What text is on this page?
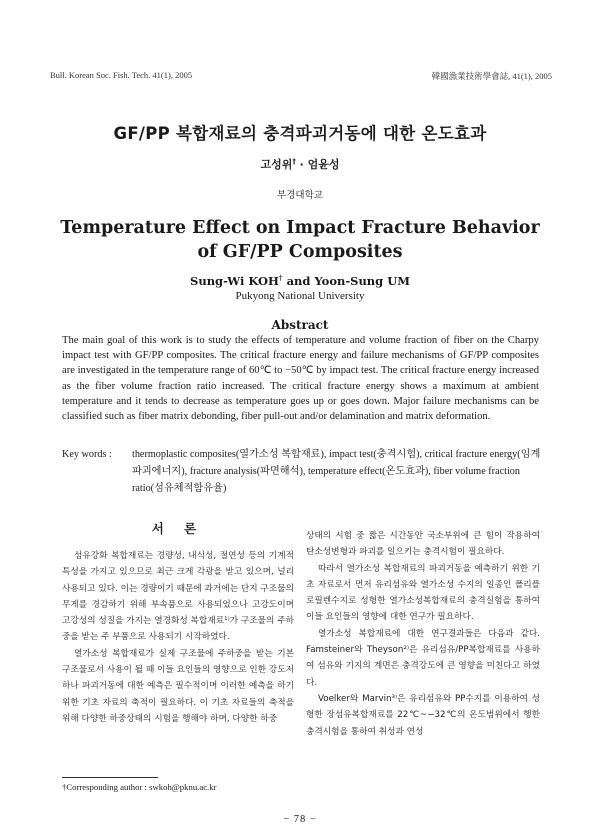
Bull. Korean Soc. Fish. Tech. 41(1), 2005	韓國漁業技術學會誌, 41(1), 2005
GF/PP 복합재료의 충격파괴거동에 대한 온도효과
고성위† · 엄윤성
부경대학교
Temperature Effect on Impact Fracture Behavior
of GF/PP Composites
Sung-Wi KOH† and Yoon-Sung UM
Pukyong National University
Abstract
The main goal of this work is to study the effects of temperature and volume fraction of fiber on the Charpy impact test with GF/PP composites. The critical fracture energy and failure mechanisms of GF/PP composites are investigated in the temperature range of 60℃ to −50℃ by impact test. The critical fracture energy increased as the fiber volume fraction ratio increased. The critical fracture energy shows a maximum at ambient temperature and it tends to decrease as temperature goes up or goes down. Major failure mechanisms can be classified such as fiber matrix debonding, fiber pull-out and/or delamination and matrix deformation.
Key words : thermoplastic composites(열가소성 복합재료), impact test(충격시험), critical fracture energy(임계파괴에너지), fracture analysis(파면해석), temperature effect(온도효과), fiber volume fraction ratio(섬유체적함유율)
서 론

섬유강화 복합재료는 경량성, 내식성, 절연성 등의 기계적 특성을 가지고 있으므로 최근 크게 각광을 받고 있으며, 널리 사용되고 있다. 이는 경량이기 때문에 과거에는 단지 구조물의 무게를 경감하기 위해 부속품으로 사용되었으나 고강도이며 고강성의 성질을 가지는 열경화성 복합재료¹⁾가 구조물의 주하중을 받는 주 부품으로 사용되기 시작하였다.

열가소성 복합재료가 실제 구조물에 주하중을 받는 기본 구조물로서 사용이 될 때 이들 요인들의 영향으로 인한 강도저하나 파괴거동에 대한 예측은 필수적이며 이러한 예측을 하기 위한 기초 자료의 축적이 필요하다. 이 기초 자료들의 축적을 위해 다양한 하중상태의 시험을 행해야 하며, 다양한 하중

상태의 시험 중 짧은 시간동안 국소부위에 큰 힘이 작용하여 탄소성변형과 파괴를 일으키는 충격시험이 필요하다.

따라서 열가소성 복합재료의 파괴거동을 예측하기 위한 기초 자료로서 먼저 유리섬유와 열가소성 수지의 일종인 폴리플로필렌수지로 성형한 열가소성복합재료의 충격실험을 통하여 이들 요인들의 영향에 대한 연구가 필요하다.

열가소성 복합재료에 대한 연구결과들은 다음과 같다. Famsteiner와 Theyson²⁾은 유리섬유/PP복합재료를 사용하여 섬유와 기지의 계면은 충격강도에 큰 영향을 미친다고 하였다.

Voelker와 Marvin³⁾은 유리섬유와 PP수지를 이용하여 성형한 장섬유복합재료를 22℃~−32℃의 온도범위에서 행한 충격시험을 통하여 취성과 연성

†Corresponding author : swkoh@pknu.ac.kr
− 78 −
